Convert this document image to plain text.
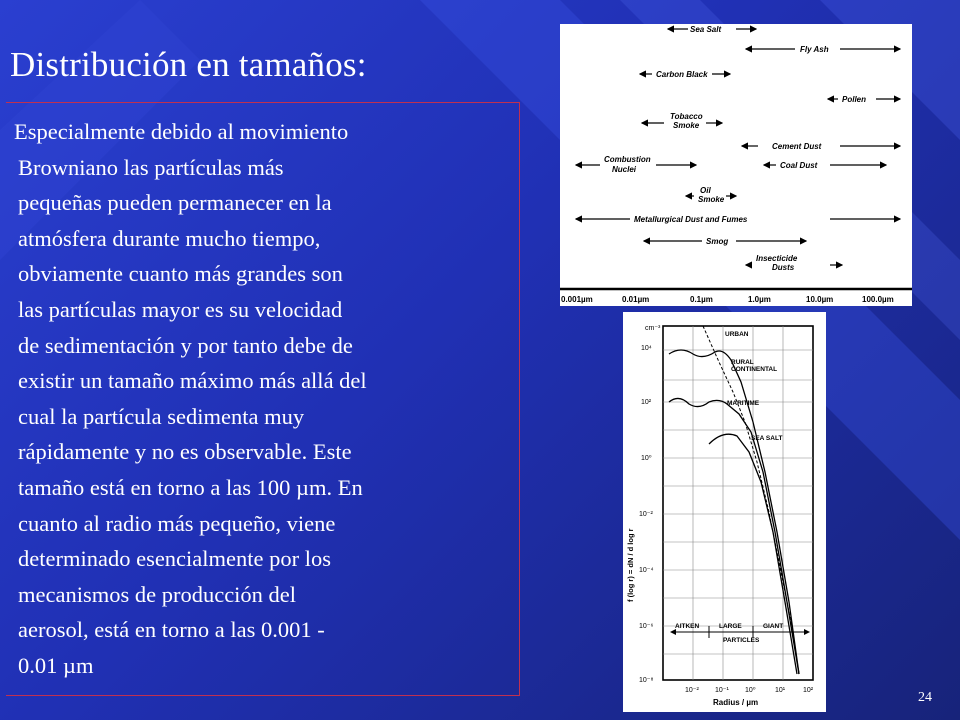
Distribución en tamaños:
Especialmente debido al movimiento
Browniano las partículas más
pequeñas pueden permanecer en la
atmósfera durante mucho tiempo,
obviamente cuanto más grandes son
las partículas mayor es su velocidad
de sedimentación y por tanto debe de
existir un tamaño máximo más allá del
cual la partícula sedimenta muy
rápidamente y no es observable. Este
tamaño está en torno a las 100 µm. En
cuanto al radio más pequeño, viene
determinado esencialmente por los
mecanismos de producción del
aerosol, está en torno a las 0.001 -
0.01 µm
Sea Salt
Fly Ash
Carbon Black
Pollen
Tobacco
Smoke
Cement Dust
Combustion
Nuclei	Coal Dust
Oil
Smoke
Metallurgical Dust and Fumes
Smog
Insecticide
Dusts
0.001µm	0.01µm	0.1µm	1.0µm	10.0µm	100.0µm
URBAN
RURAL
CONTINENTAL
MARITIME
SEA SALT
AITKEN	LARGE	GIANT
PARTICLES
cm⁻³
10⁴
10²
10⁰
10⁻²
10⁻⁴
10⁻⁶
10⁻⁸
10⁻² 10⁻¹ 10⁰	10¹	10²
Radius / µm
f (log r) = dN / d log r
24
